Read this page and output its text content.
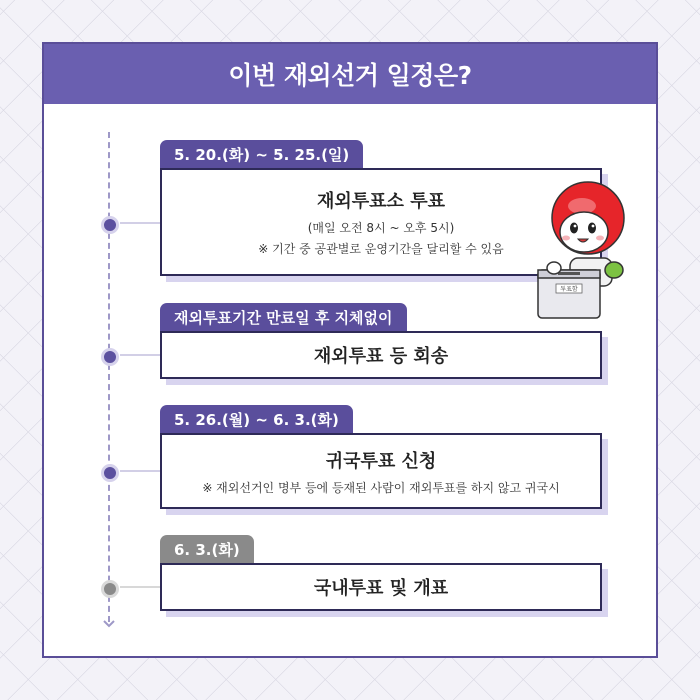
이번 재외선거 일정은?
5. 20.(화) ~ 5. 25.(일)
재외투표소 투표
(매일 오전 8시 ~ 오후 5시)
※ 기간 중 공관별로 운영기간을 달리할 수 있음
재외투표기간 만료일 후 지체없이
재외투표 등 회송
5. 26.(월) ~ 6. 3.(화)
귀국투표 신청
※ 재외선거인 명부 등에 등재된 사람이 재외투표를 하지 않고 귀국시
6. 3.(화)
국내투표 및 개표
투표함
